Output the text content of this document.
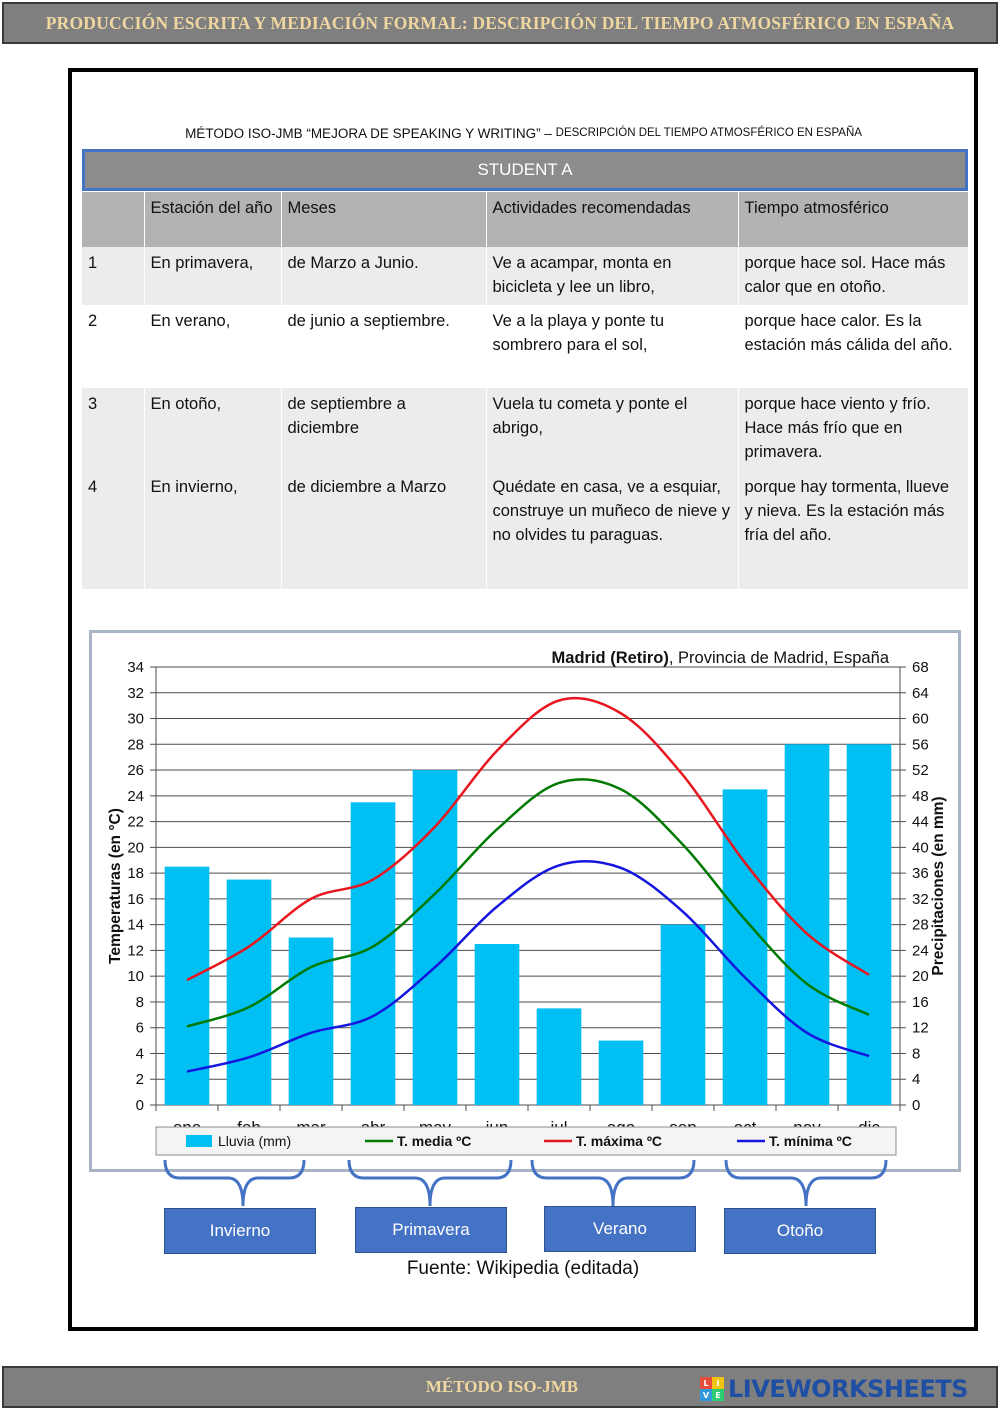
PRODUCCIÓN ESCRITA Y MEDIACIÓN FORMAL: DESCRIPCIÓN DEL TIEMPO ATMOSFÉRICO EN ESPAÑA
MÉTODO ISO-JMB “MEJORA DE SPEAKING Y WRITING” –
DESCRIPCIÓN DEL TIEMPO ATMOSFÉRICO EN ESPAÑA
STUDENT A
	Estación del año	Meses	Actividades recomendadas	Tiempo atmosférico
1	En primavera,	de Marzo a Junio.	Ve a acampar, monta en bicicleta y lee un libro,	porque hace sol. Hace más calor que en otoño.
2	En verano,	de junio a septiembre.	Ve a la playa y ponte tu sombrero para el sol,	porque hace calor. Es la estación más cálida del año.
3	En otoño,	de septiembre a diciembre	Vuela tu cometa y ponte el abrigo,	porque hace viento y frío. Hace más frío que en primavera.
4	En invierno,	de diciembre a Marzo	Quédate en casa, ve a esquiar, construye un muñeco de nieve y no olvides tu paraguas.	porque hay tormenta, llueve y nieva. Es la estación más fría del año.
0
2
4
6
8
10
12
14
16
18
20
22
24
26
28
30
32
34
0
4
8
12
16
20
24
28
32
36
40
44
48
52
56
60
64
68
Madrid (Retiro), Provincia de Madrid, España
Temperaturas (en °C)	Precipitaciones (en mm)
Lluvia (mm)	T. media ºC	T. máxima ºC	T. mínima ºC
Invierno	Primavera	Verano	Otoño
Fuente: Wikipedia (editada)
MÉTODO ISO-JMB	L I
V E LIVEWORKSHEETS
